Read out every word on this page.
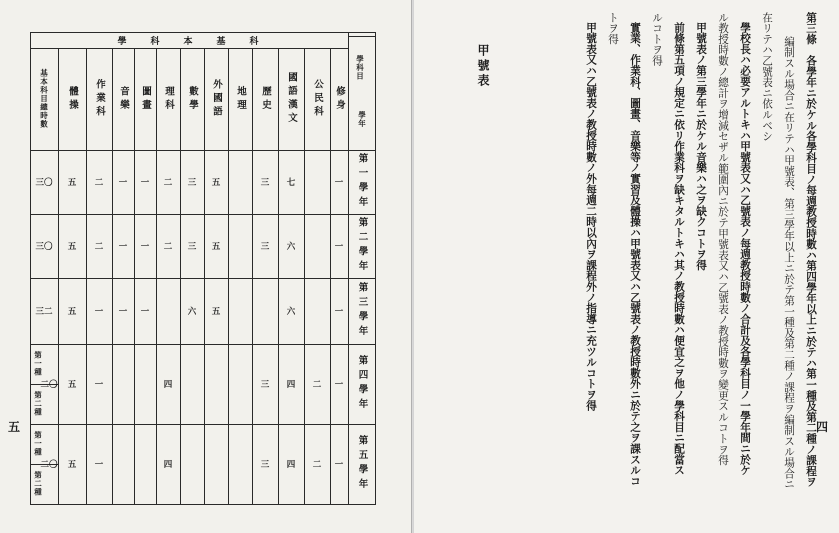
學　　科　　本　　基　　科
學科目
學年
修身
公民科
國語漢文
歷史
地理
外國語
數學
理科
圖畫
音樂
作業科
體操
基本科目總時數
第一學年
第二學年
第三學年
第四學年
第五學年
第一種
第二種
第一種
第二種
一
七
三
五
三
二
一
一
二
五
三〇
一
六
三
五
三
二
一
一
二
五
三〇
一
六
五
六
一
一
一
五
三二
一
二
四
三
四
一
五
二〇
一
二
四
三
四
一
五
二〇
五	四
第三條　各學年ニ於ケル各學科目ノ每週教授時數ハ第四學年以上ニ於テハ第一種及第二種ノ課程ヲ
編制スル場合ニ在リテハ甲號表、第三學年以上ニ於テ第一種及第二種ノ課程ヲ編制スル場合ニ
在リテハ乙號表ニ依ルベシ
學校長ハ必要アルトキハ甲號表又ハ乙號表ノ每週教授時數ノ合計及各學科目ノ一學年間ニ於ケ
ル教授時數ノ總計ヲ增減セザル範圍內ニ於テ甲號表又ハ乙號表ノ教授時數ヲ變更スルコトヲ得
甲號表ノ第三學年ニ於ケル音樂ハ之ヲ缺クコトヲ得
前條第五項ノ規定ニ依リ作業科ヲ缺キタルトキハ其ノ教授時數ハ便宜之ヲ他ノ學科目ニ配當ス
ルコトヲ得
實業、作業科、圖畫、音樂等ノ實習及體操ハ甲號表又ハ乙號表ノ教授時數外ニ於テ之ヲ課スルコ
トヲ得
甲號表又ハ乙號表ノ教授時數ノ外每週二時以內ヲ課程外ノ指導ニ充ツルコトヲ得
甲號表
